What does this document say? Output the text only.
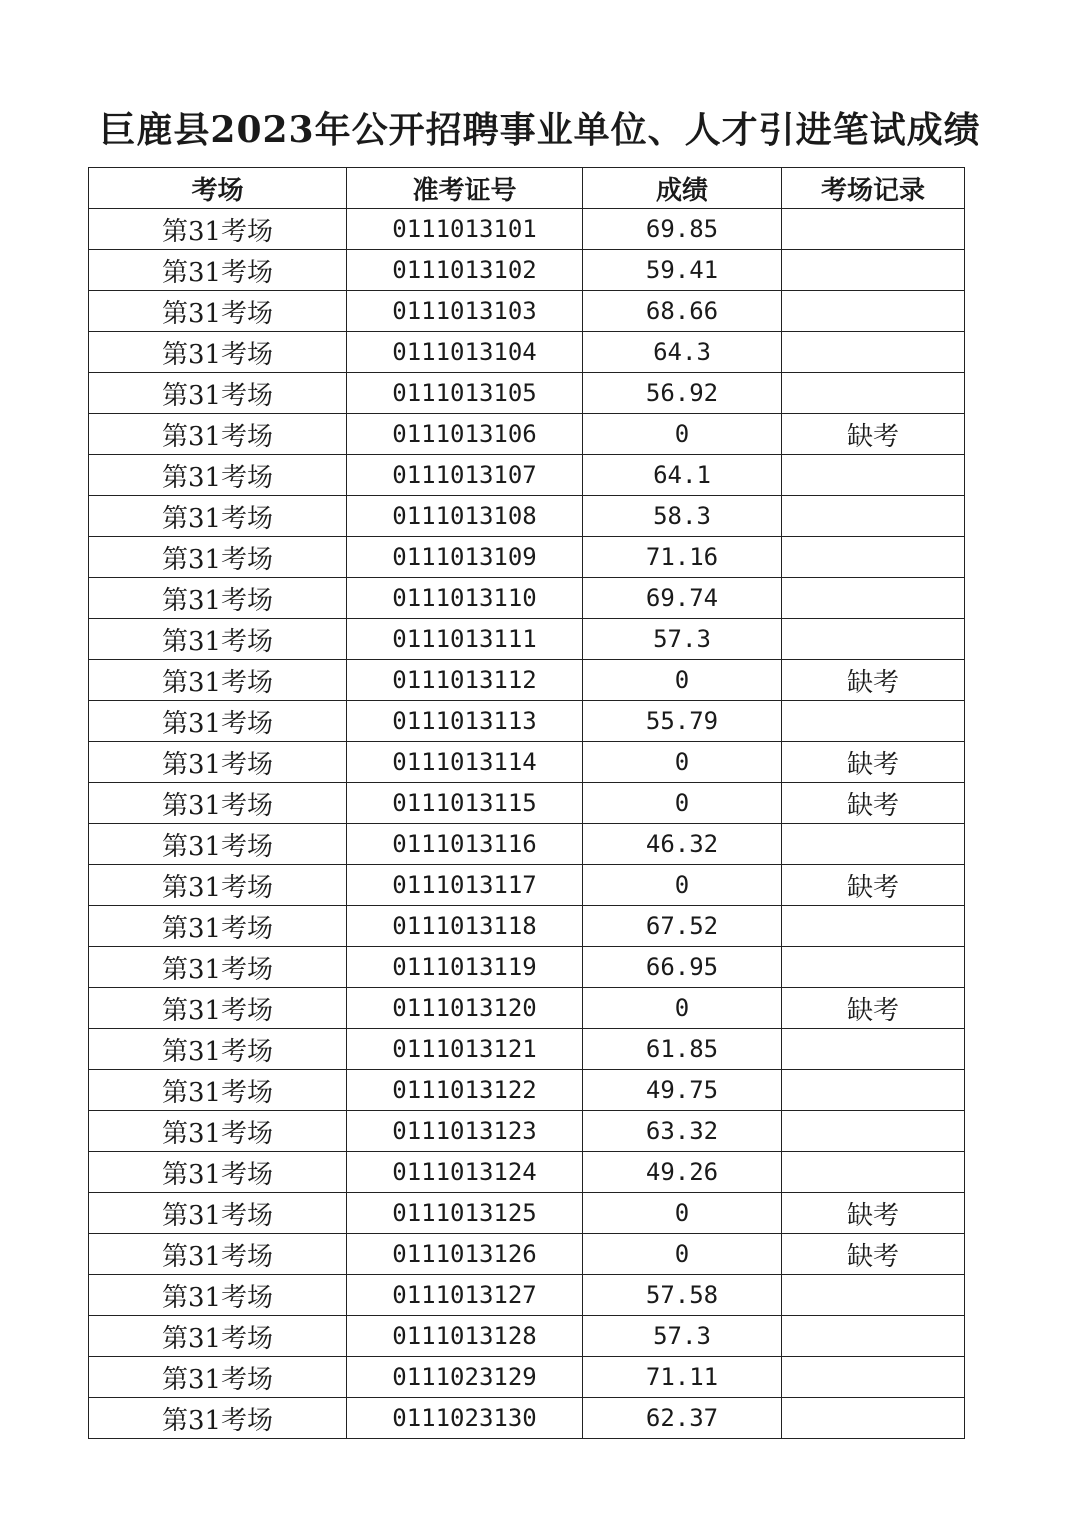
巨鹿县2023年公开招聘事业单位、人才引进笔试成绩
考场	准考证号	成绩	考场记录
第31考场	0111013101	69.85	
第31考场	0111013102	59.41	
第31考场	0111013103	68.66	
第31考场	0111013104	64.3	
第31考场	0111013105	56.92	
第31考场	0111013106	0	缺考
第31考场	0111013107	64.1	
第31考场	0111013108	58.3	
第31考场	0111013109	71.16	
第31考场	0111013110	69.74	
第31考场	0111013111	57.3	
第31考场	0111013112	0	缺考
第31考场	0111013113	55.79	
第31考场	0111013114	0	缺考
第31考场	0111013115	0	缺考
第31考场	0111013116	46.32	
第31考场	0111013117	0	缺考
第31考场	0111013118	67.52	
第31考场	0111013119	66.95	
第31考场	0111013120	0	缺考
第31考场	0111013121	61.85	
第31考场	0111013122	49.75	
第31考场	0111013123	63.32	
第31考场	0111013124	49.26	
第31考场	0111013125	0	缺考
第31考场	0111013126	0	缺考
第31考场	0111013127	57.58	
第31考场	0111013128	57.3	
第31考场	0111023129	71.11	
第31考场	0111023130	62.37	
